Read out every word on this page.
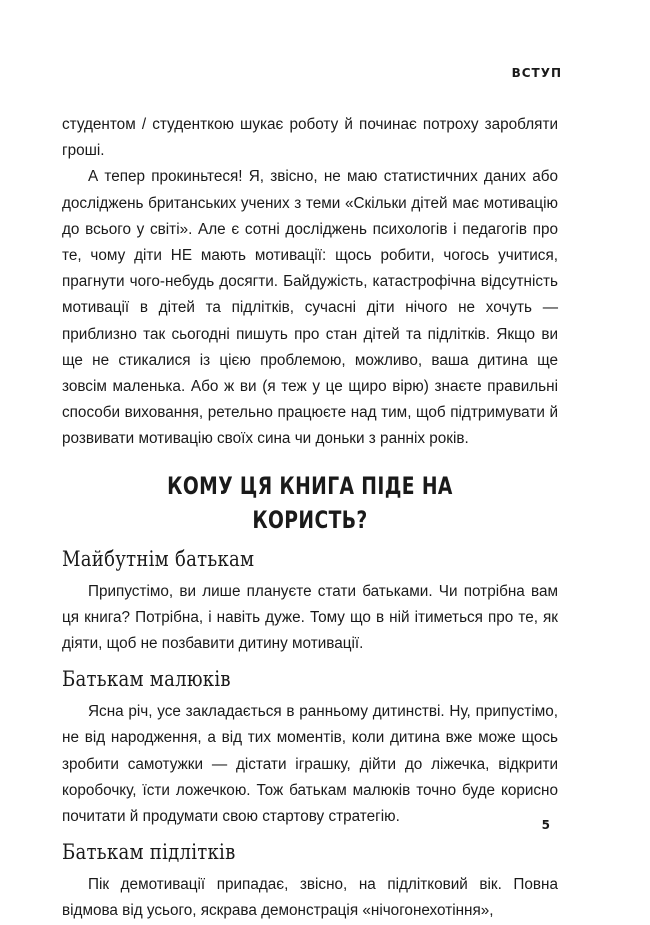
ВСТУП

студентом / студенткою шукає роботу й починає потроху заробляти гроші.

А тепер прокиньтеся! Я, звісно, не маю статистичних даних або досліджень британських учених з теми «Скільки дітей має мотивацію до всього у світі». Але є сотні досліджень психологів і педагогів про те, чому діти НЕ мають мотивації: щось робити, чогось учитися, прагнути чого-небудь досягти. Байдужість, катастрофічна відсутність мотивації в дітей та підлітків, сучасні діти нічого не хочуть — приблизно так сьогодні пишуть про стан дітей та підлітків. Якщо ви ще не стикалися із цією проблемою, можливо, ваша дитина ще зовсім маленька. Або ж ви (я теж у це щиро вірю) знаєте правильні способи виховання, ретельно працюєте над тим, щоб підтримувати й розвивати мотивацію своїх сина чи доньки з ранніх років.

КОМУ ЦЯ КНИГА ПІДЕ НА КОРИСТЬ?
Майбутнім батькам

Припустімо, ви лише плануєте стати батьками. Чи потрібна вам ця книга? Потрібна, і навіть дуже. Тому що в ній ітиметься про те, як діяти, щоб не позбавити дитину мотивації.

Батькам малюків

Ясна річ, усе закладається в ранньому дитинстві. Ну, припустімо, не від народження, а від тих моментів, коли дитина вже може щось зробити самотужки — дістати іграшку, дійти до ліжечка, відкрити коробочку, їсти ложечкою. Тож батькам малюків точно буде корисно почитати й продумати свою стартову стратегію.

Батькам підлітків

Пік демотивації припадає, звісно, на підлітковий вік. Повна відмова від усього, яскрава демонстрація «нічогонехотіння»,

5
